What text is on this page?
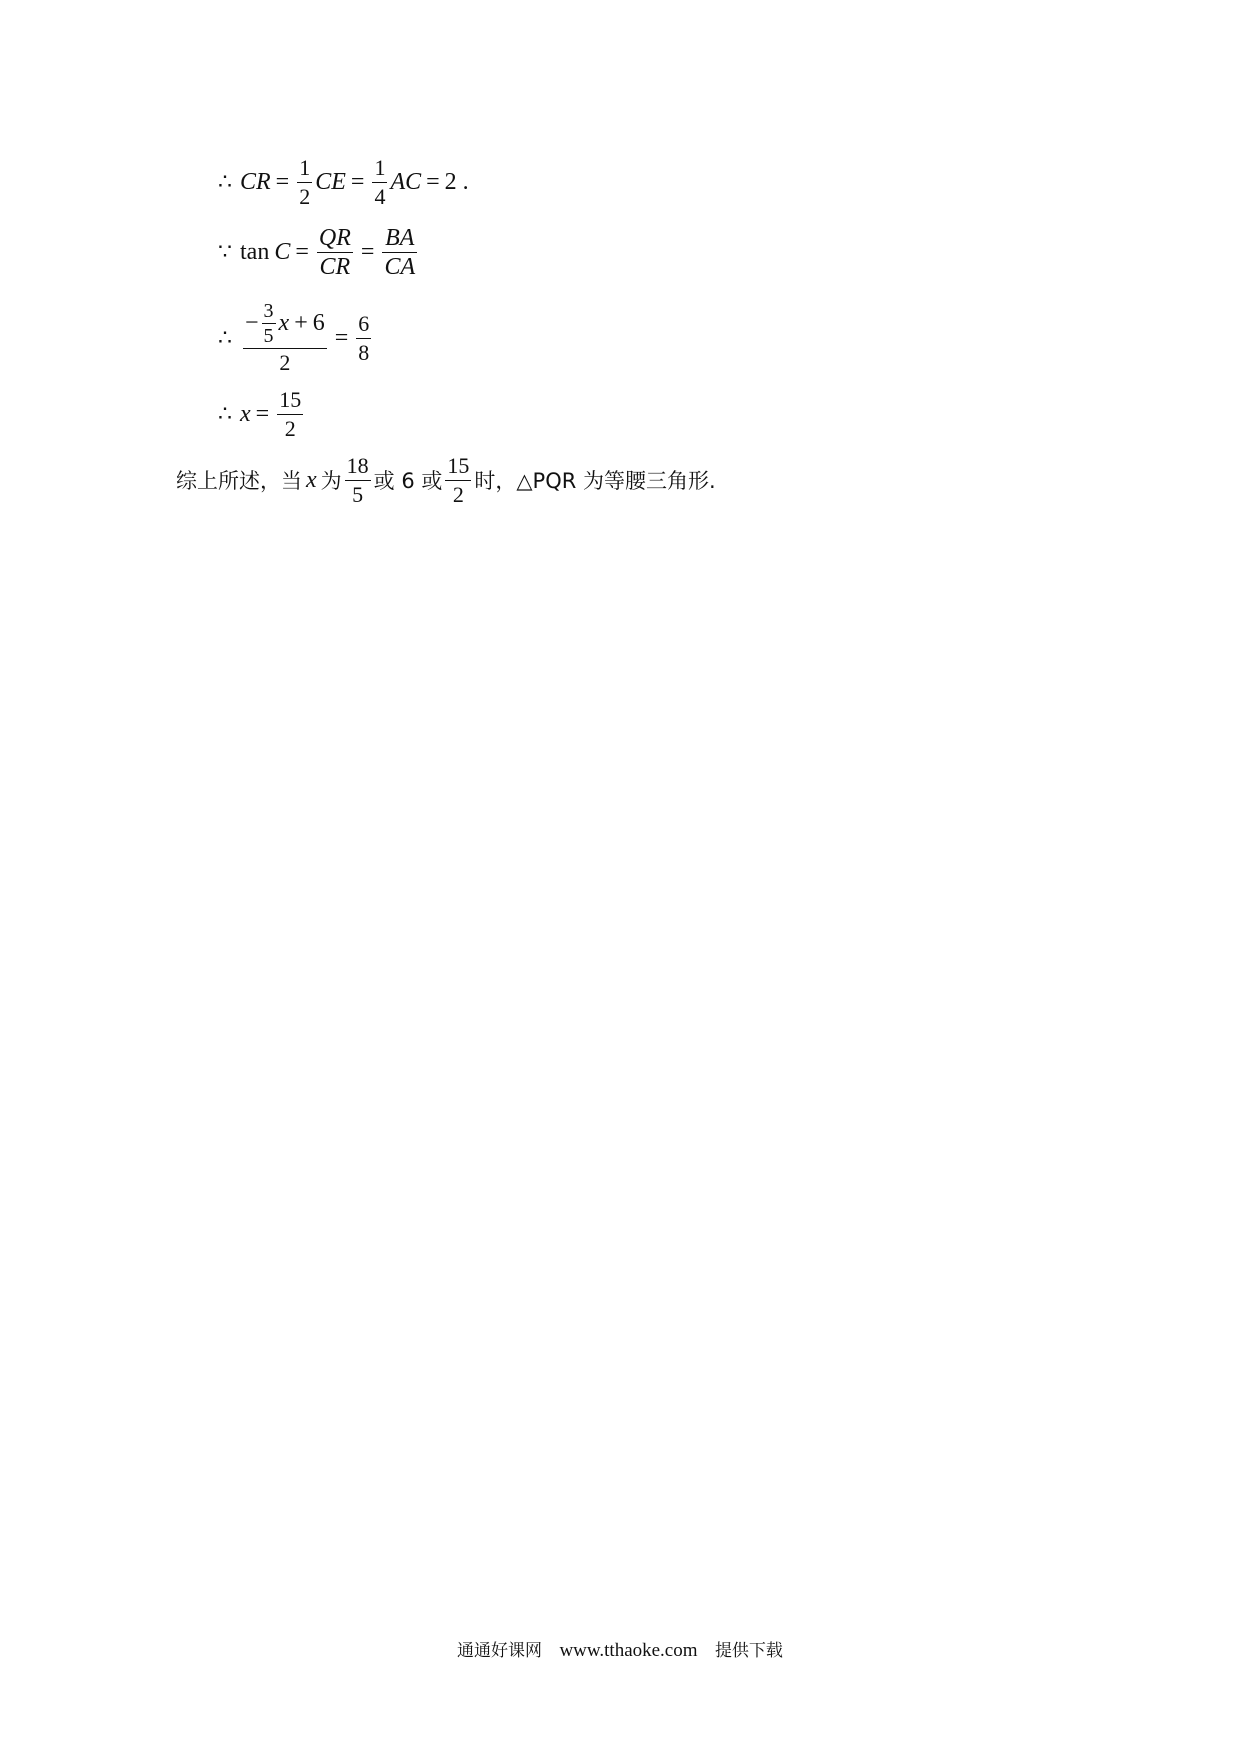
∴ CR = $\frac{1}{2}$ CE = $\frac{1}{4}$ AC = 2 .
∵ $\tan C = \frac{QR}{CR} = \frac{BA}{CA}$
∴
− $\frac{3}{5}$ x + 6
2
= $\frac{6}{8}$
∴ $x = \frac{15}{2}$
综上所述，当 x 为 $\frac{18}{5}$ 或 6 或 $\frac{15}{2}$ 时，△PQR 为等腰三角形.
通通好课网 www.tthaoke.com 提供下载
